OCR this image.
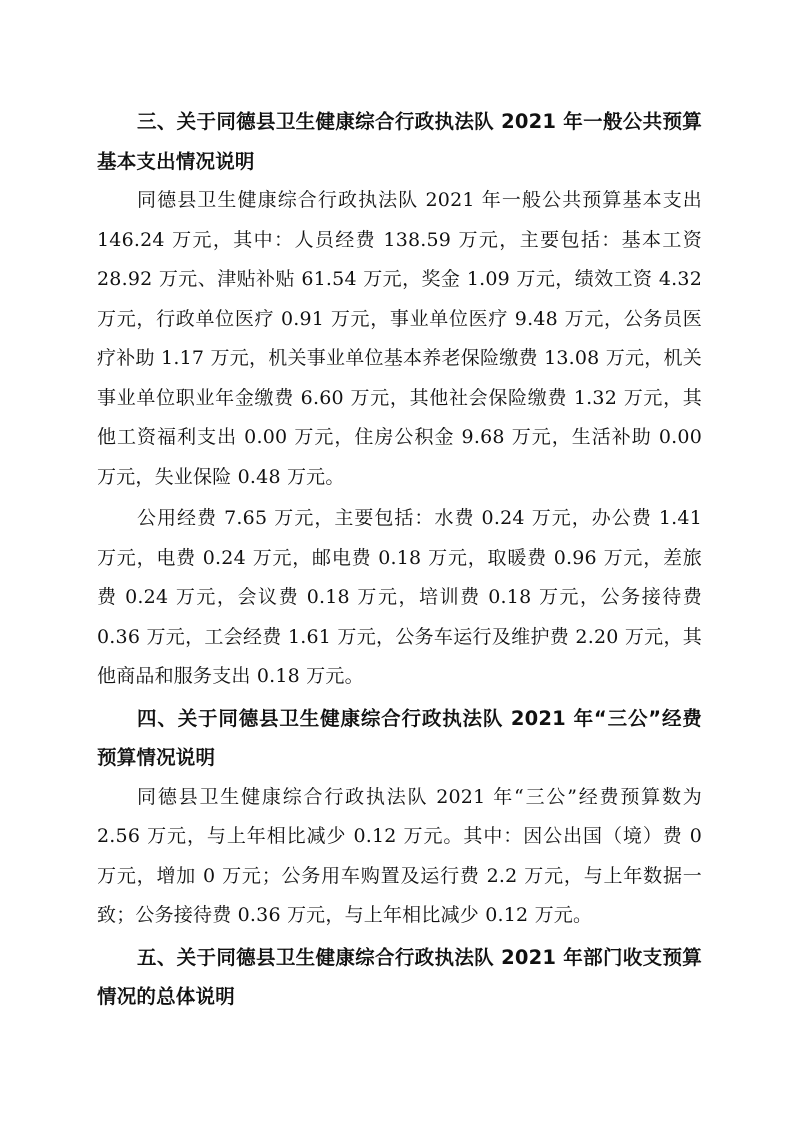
三、关于同德县卫生健康综合行政执法队 2021 年一般公共预算基本支出情况说明

同德县卫生健康综合行政执法队 2021 年一般公共预算基本支出 146.24 万元，其中：人员经费 138.59 万元，主要包括：基本工资 28.92 万元、津贴补贴 61.54 万元，奖金 1.09 万元，绩效工资 4.32 万元，行政单位医疗 0.91 万元，事业单位医疗 9.48 万元，公务员医疗补助 1.17 万元，机关事业单位基本养老保险缴费 13.08 万元，机关事业单位职业年金缴费 6.60 万元，其他社会保险缴费 1.32 万元，其他工资福利支出 0.00 万元，住房公积金 9.68 万元，生活补助 0.00 万元，失业保险 0.48 万元。

公用经费 7.65 万元，主要包括：水费 0.24 万元，办公费 1.41 万元，电费 0.24 万元，邮电费 0.18 万元，取暖费 0.96 万元，差旅费 0.24 万元，会议费 0.18 万元，培训费 0.18 万元，公务接待费 0.36 万元，工会经费 1.61 万元，公务车运行及维护费 2.20 万元，其他商品和服务支出 0.18 万元。

四、关于同德县卫生健康综合行政执法队 2021 年“三公”经费预算情况说明

同德县卫生健康综合行政执法队 2021 年“三公”经费预算数为 2.56 万元，与上年相比减少 0.12 万元。其中：因公出国（境）费 0 万元，增加 0 万元；公务用车购置及运行费 2.2 万元，与上年数据一致；公务接待费 0.36 万元，与上年相比减少 0.12 万元。

五、关于同德县卫生健康综合行政执法队 2021 年部门收支预算情况的总体说明
